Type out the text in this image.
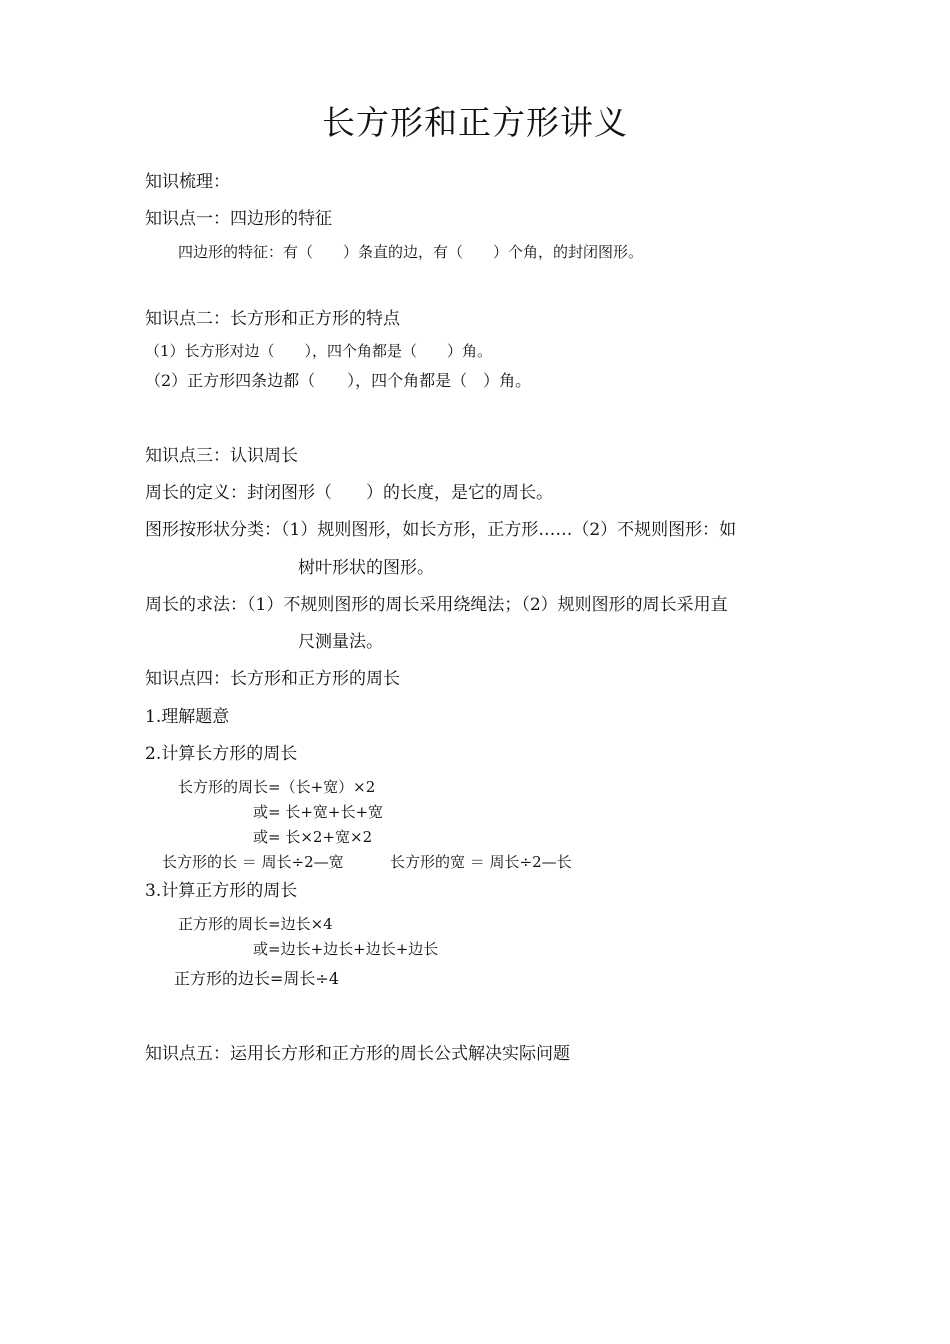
长方形和正方形讲义
知识梳理：
知识点一：四边形的特征
四边形的特征：有（　　）条直的边，有（　　）个角，的封闭图形。
知识点二：长方形和正方形的特点
（1）长方形对边（　　），四个角都是（　　）角。
（2）正方形四条边都（　　），四个角都是（　）角。
知识点三：认识周长
周长的定义：封闭图形（　　）的长度，是它的周长。
图形按形状分类：（1）规则图形，如长方形，正方形……（2）不规则图形：如
树叶形状的图形。
周长的求法：（1）不规则图形的周长采用绕绳法；（2）规则图形的周长采用直
尺测量法。
知识点四：长方形和正方形的周长
1.理解题意
2.计算长方形的周长
长方形的周长=（长+宽）×2
或= 长+宽+长+宽
或= 长×2+宽×2
长方形的长 ＝ 周长÷2—宽	长方形的宽 ＝ 周长÷2—长
3.计算正方形的周长
正方形的周长=边长×4
或=边长+边长+边长+边长
正方形的边长=周长÷4
知识点五：运用长方形和正方形的周长公式解决实际问题
